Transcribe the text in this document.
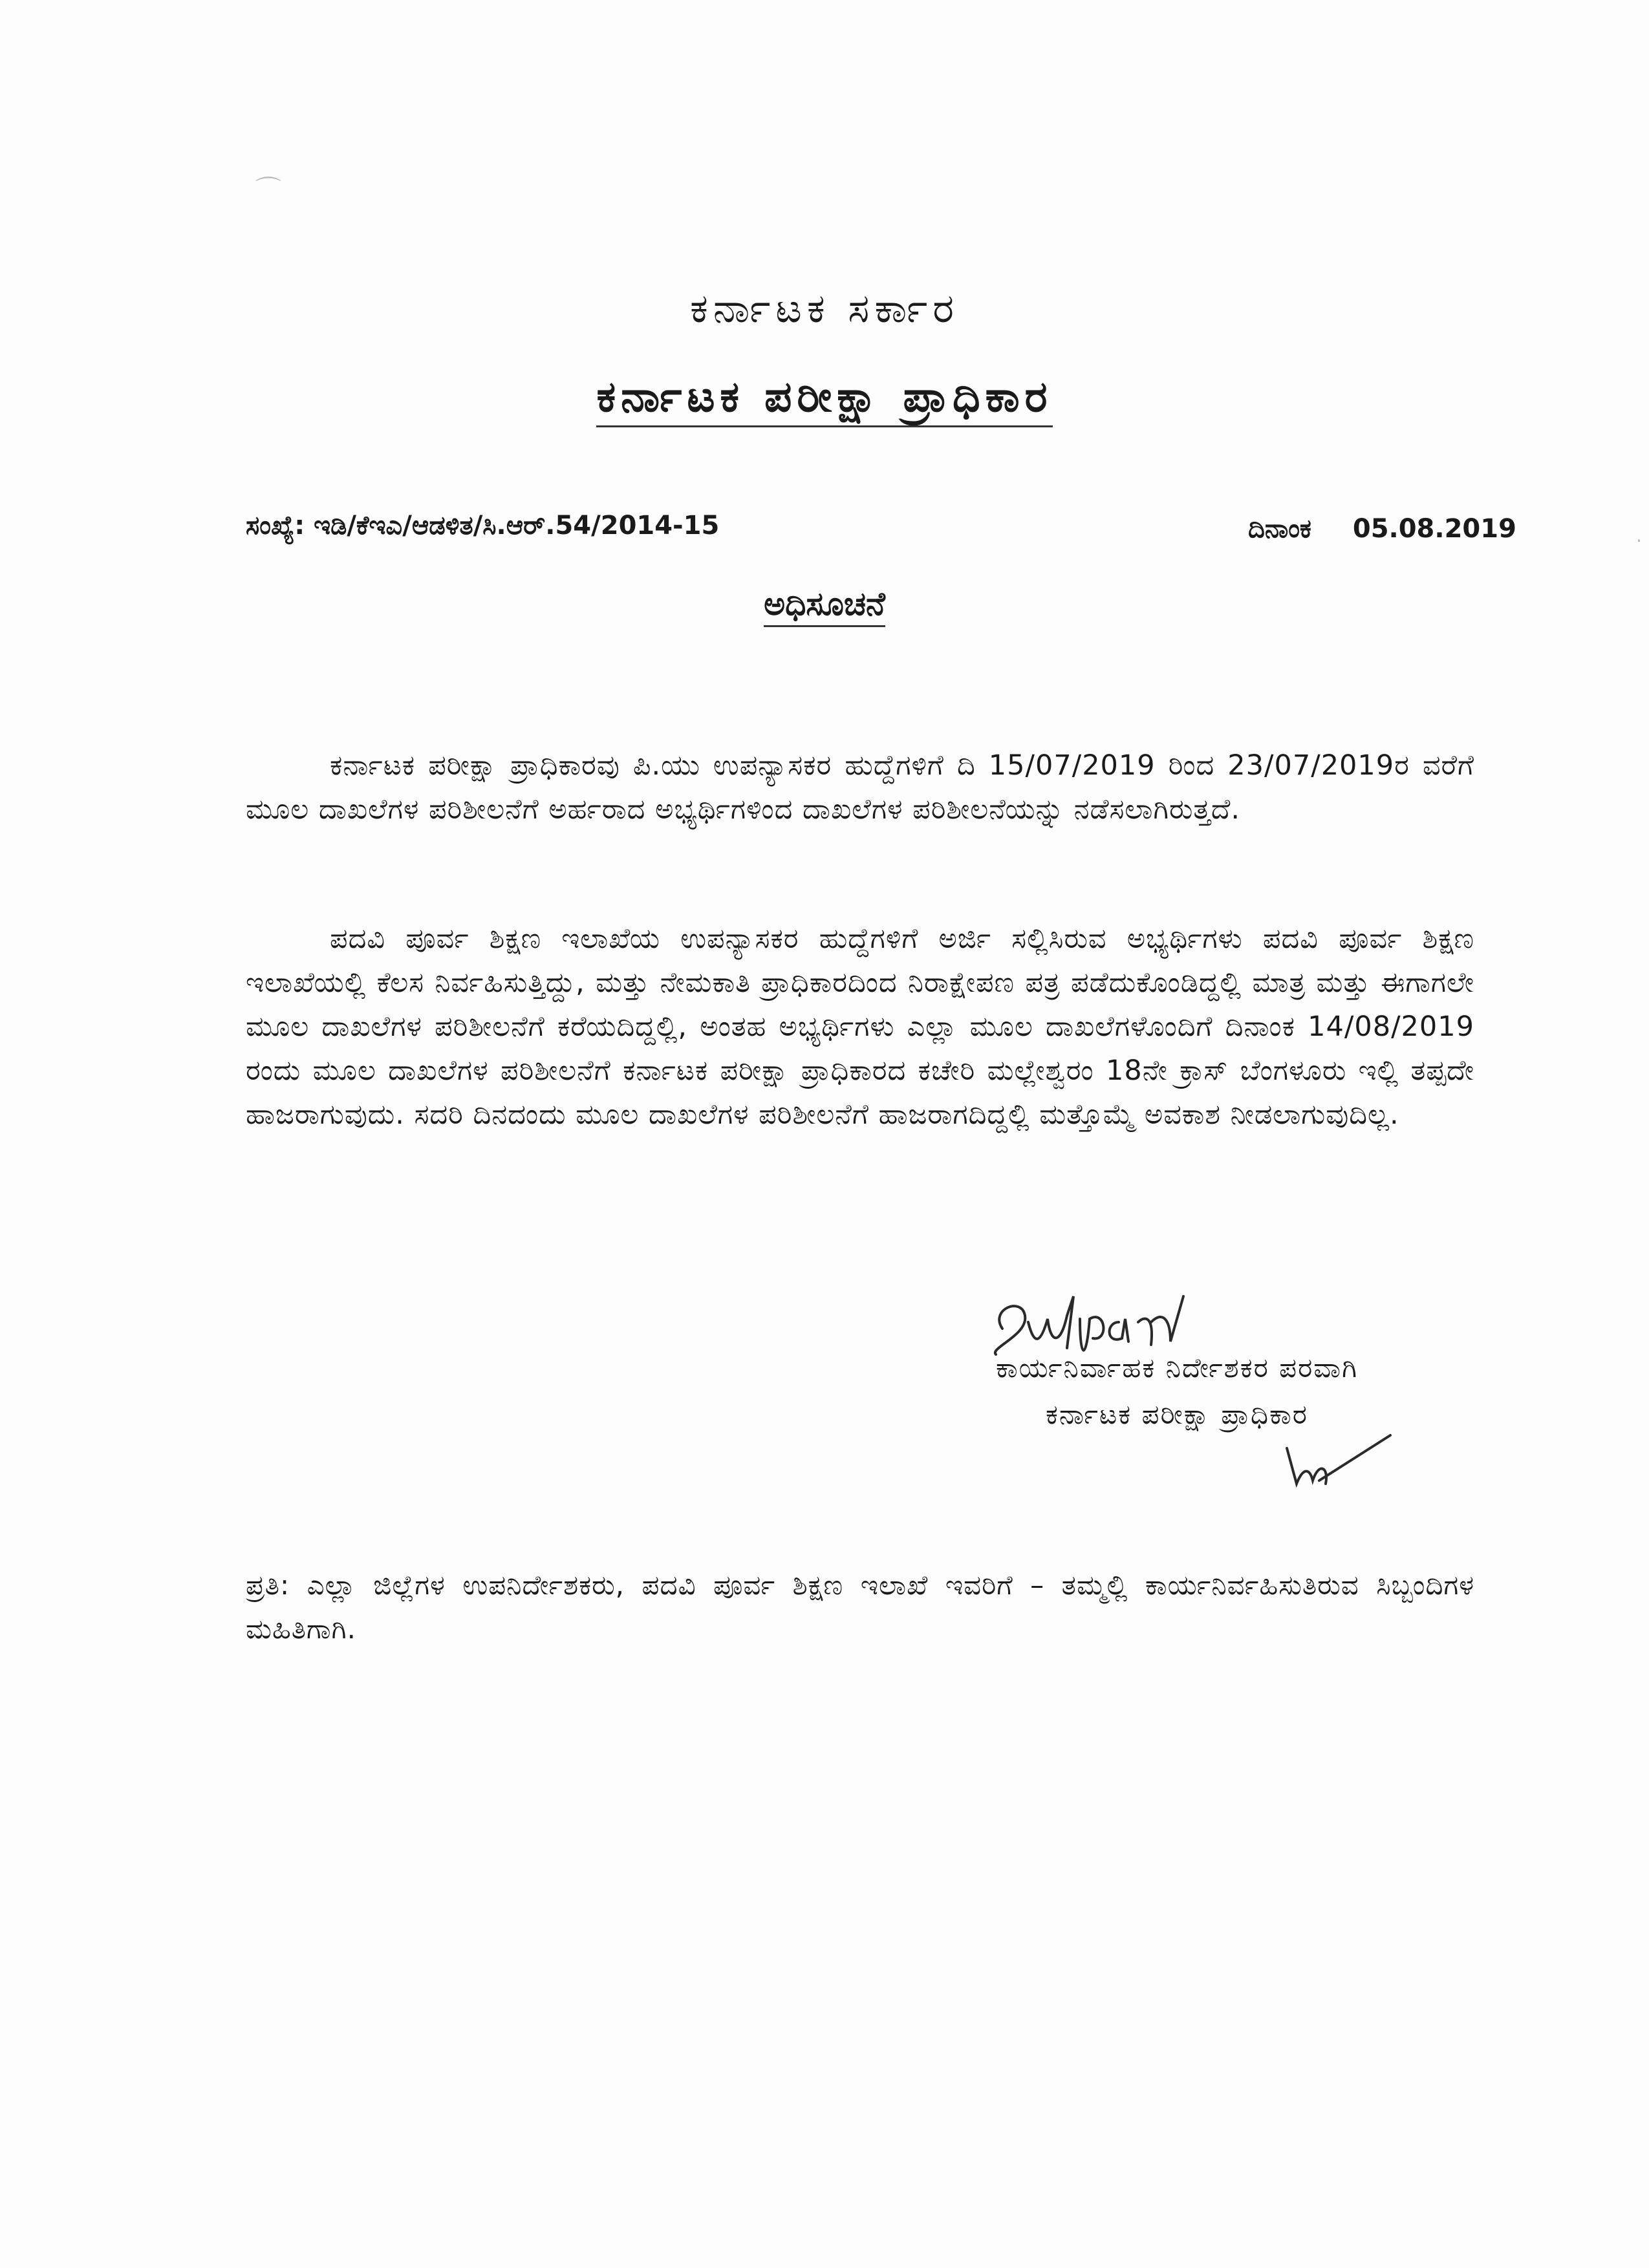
⌒
·
ಕರ್ನಾಟಕ ಸರ್ಕಾರ
ಕರ್ನಾಟಕ ಪರೀಕ್ಷಾ ಪ್ರಾಧಿಕಾರ
ಸಂಖ್ಯೆ: ಇಡಿ/ಕೆಇಎ/ಆಡಳಿತ/ಸಿ.ಆರ್.54/2014-15	ದಿನಾಂಕ 05.08.2019
ಅಧಿಸೂಚನೆ
ಕರ್ನಾಟಕ ಪರೀಕ್ಷಾ ಪ್ರಾಧಿಕಾರವು ಪಿ.ಯು ಉಪನ್ಯಾಸಕರ ಹುದ್ದೆಗಳಿಗೆ ದಿ 15/07/2019 ರಿಂದ 23/07/2019ರ ವರೆಗೆ ಮೂಲ ದಾಖಲೆಗಳ ಪರಿಶೀಲನೆಗೆ ಅರ್ಹರಾದ ಅಭ್ಯರ್ಥಿಗಳಿಂದ ದಾಖಲೆಗಳ ಪರಿಶೀಲನೆಯನ್ನು ನಡೆಸಲಾಗಿರುತ್ತದೆ.
ಪದವಿ ಪೂರ್ವ ಶಿಕ್ಷಣ ಇಲಾಖೆಯ ಉಪನ್ಯಾಸಕರ ಹುದ್ದೆಗಳಿಗೆ ಅರ್ಜಿ ಸಲ್ಲಿಸಿರುವ ಅಭ್ಯರ್ಥಿಗಳು ಪದವಿ ಪೂರ್ವ ಶಿಕ್ಷಣ ಇಲಾಖೆಯಲ್ಲಿ ಕೆಲಸ ನಿರ್ವಹಿಸುತ್ತಿದ್ದು, ಮತ್ತು ನೇಮಕಾತಿ ಪ್ರಾಧಿಕಾರದಿಂದ ನಿರಾಕ್ಷೇಪಣ ಪತ್ರ ಪಡೆದುಕೊಂಡಿದ್ದಲ್ಲಿ ಮಾತ್ರ ಮತ್ತು ಈಗಾಗಲೇ ಮೂಲ ದಾಖಲೆಗಳ ಪರಿಶೀಲನೆಗೆ ಕರೆಯದಿದ್ದಲ್ಲಿ, ಅಂತಹ ಅಭ್ಯರ್ಥಿಗಳು ಎಲ್ಲಾ ಮೂಲ ದಾಖಲೆಗಳೊಂದಿಗೆ ದಿನಾಂಕ 14/08/2019 ರಂದು ಮೂಲ ದಾಖಲೆಗಳ ಪರಿಶೀಲನೆಗೆ ಕರ್ನಾಟಕ ಪರೀಕ್ಷಾ ಪ್ರಾಧಿಕಾರದ ಕಚೇರಿ ಮಲ್ಲೇಶ್ವರಂ 18ನೇ ಕ್ರಾಸ್ ಬೆಂಗಳೂರು ಇಲ್ಲಿ ತಪ್ಪದೇ ಹಾಜರಾಗುವುದು. ಸದರಿ ದಿನದಂದು ಮೂಲ ದಾಖಲೆಗಳ ಪರಿಶೀಲನೆಗೆ ಹಾಜರಾಗದಿದ್ದಲ್ಲಿ ಮತ್ತೊಮ್ಮೆ ಅವಕಾಶ ನೀಡಲಾಗುವುದಿಲ್ಲ.
ಕಾರ್ಯನಿರ್ವಾಹಕ ನಿರ್ದೇಶಕರ ಪರವಾಗಿ
ಕರ್ನಾಟಕ ಪರೀಕ್ಷಾ ಪ್ರಾಧಿಕಾರ
ಪ್ರತಿ: ಎಲ್ಲಾ ಜಿಲ್ಲೆಗಳ ಉಪನಿರ್ದೇಶಕರು, ಪದವಿ ಪೂರ್ವ ಶಿಕ್ಷಣ ಇಲಾಖೆ ಇವರಿಗೆ – ತಮ್ಮಲ್ಲಿ ಕಾರ್ಯನಿರ್ವಹಿಸುತಿರುವ ಸಿಬ್ಬಂದಿಗಳ ಮಹಿತಿಗಾಗಿ.
